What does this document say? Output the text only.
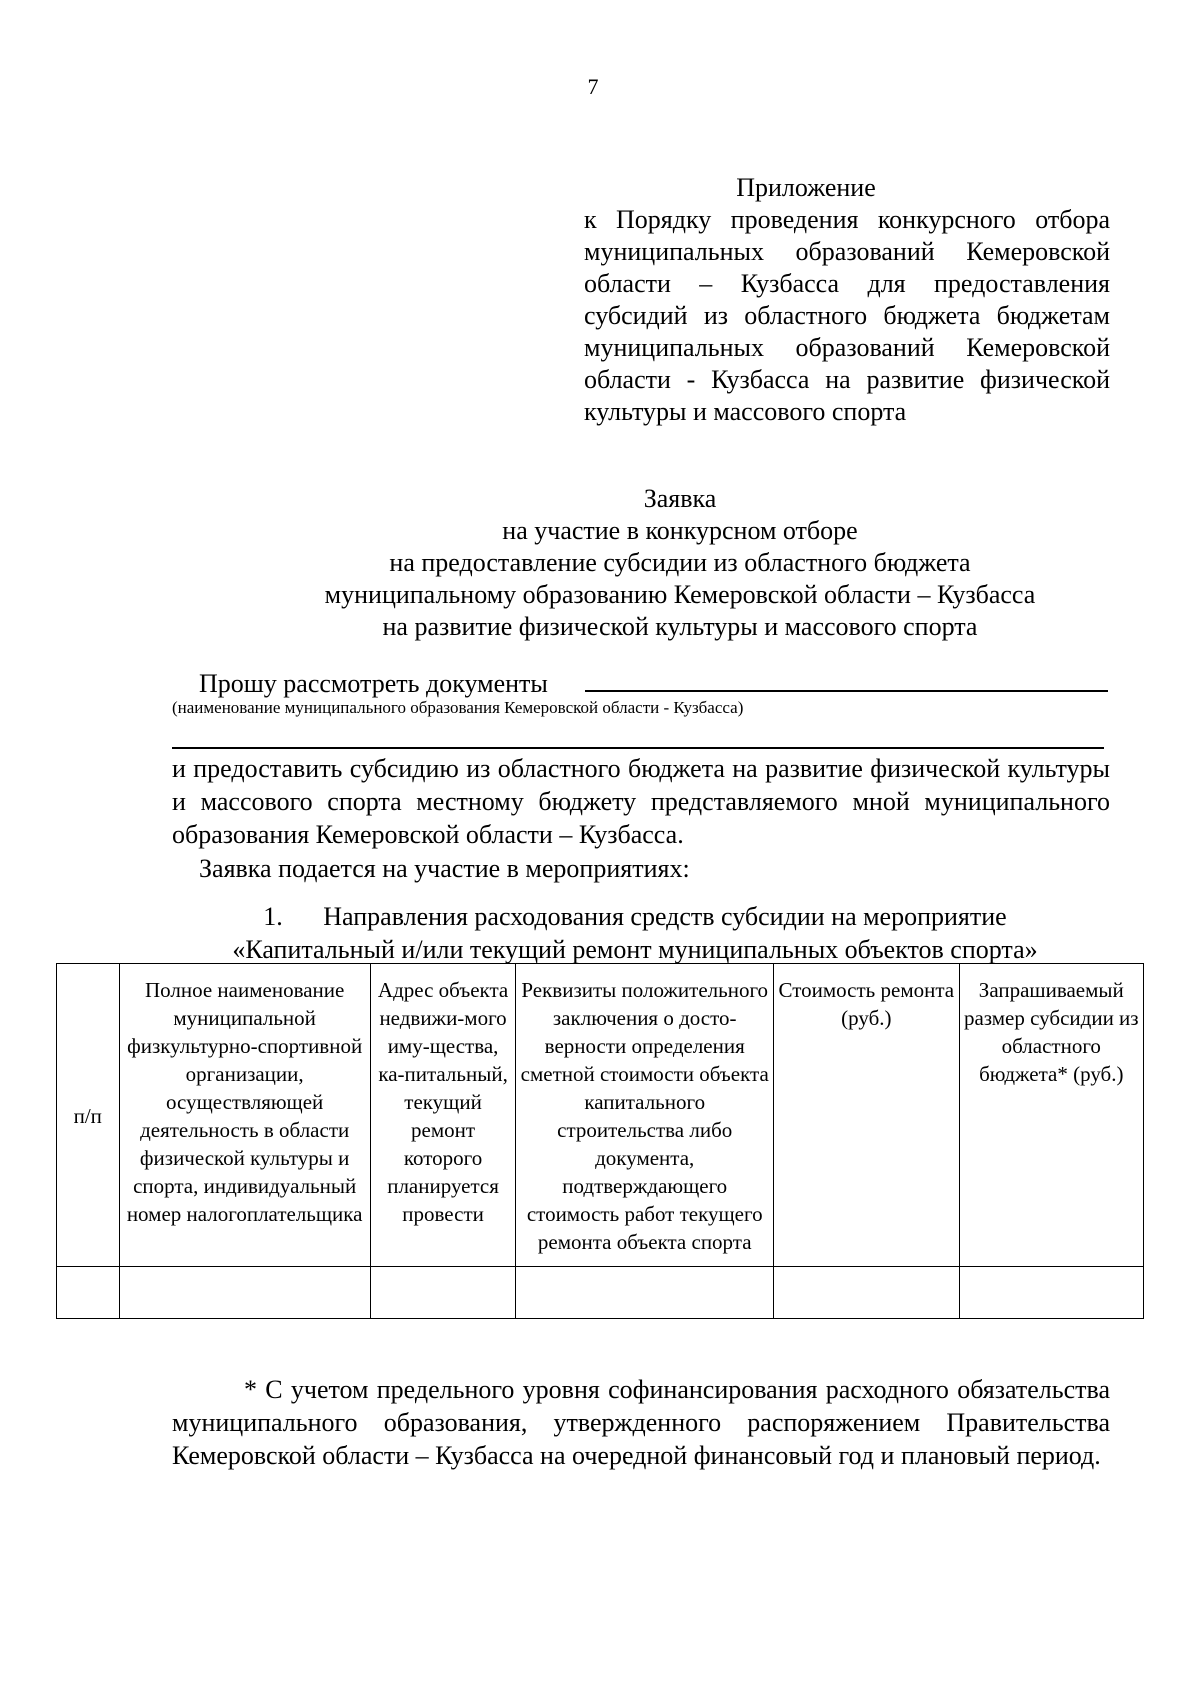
7
Приложение
к Порядку проведения конкурсного отбора муниципальных образований Кемеровской области – Кузбасса для предоставления субсидий из областного бюджета бюджетам муниципальных образований Кемеровской области - Кузбасса на развитие физической культуры и массового спорта
Заявка
на участие в конкурсном отборе
на предоставление субсидии из областного бюджета
муниципальному образованию Кемеровской области – Кузбасса
на развитие физической культуры и массового спорта
Прошу рассмотреть документы
(наименование муниципального образования Кемеровской области - Кузбасса)
и предоставить субсидию из областного бюджета на развитие физической культуры и массового спорта местному бюджету представляемого мной муниципального образования Кемеровской области – Кузбасса.
Заявка подается на участие в мероприятиях:
1. Направления расходования средств субсидии на мероприятие
«Капитальный и/или текущий ремонт муниципальных объектов спорта»
п/п	Полное наименование муниципальной физкультурно-спортивной организации, осуществляющей деятельность в области физической культуры и спорта, индивидуальный номер налогоплательщика	Адрес объекта недвижи-мого иму-щества, ка-питальный, текущий ремонт которого планируется провести	Реквизиты положительного заключения о досто-верности определения сметной стоимости объекта капитального строительства либо документа, подтверждающего стоимость работ текущего ремонта объекта спорта	Стоимость ремонта (руб.)	Запрашиваемый размер субсидии из областного бюджета* (руб.)

* С учетом предельного уровня софинансирования расходного обязательства муниципального образования, утвержденного распоряжением Правительства Кемеровской области – Кузбасса на очередной финансовый год и плановый период.
